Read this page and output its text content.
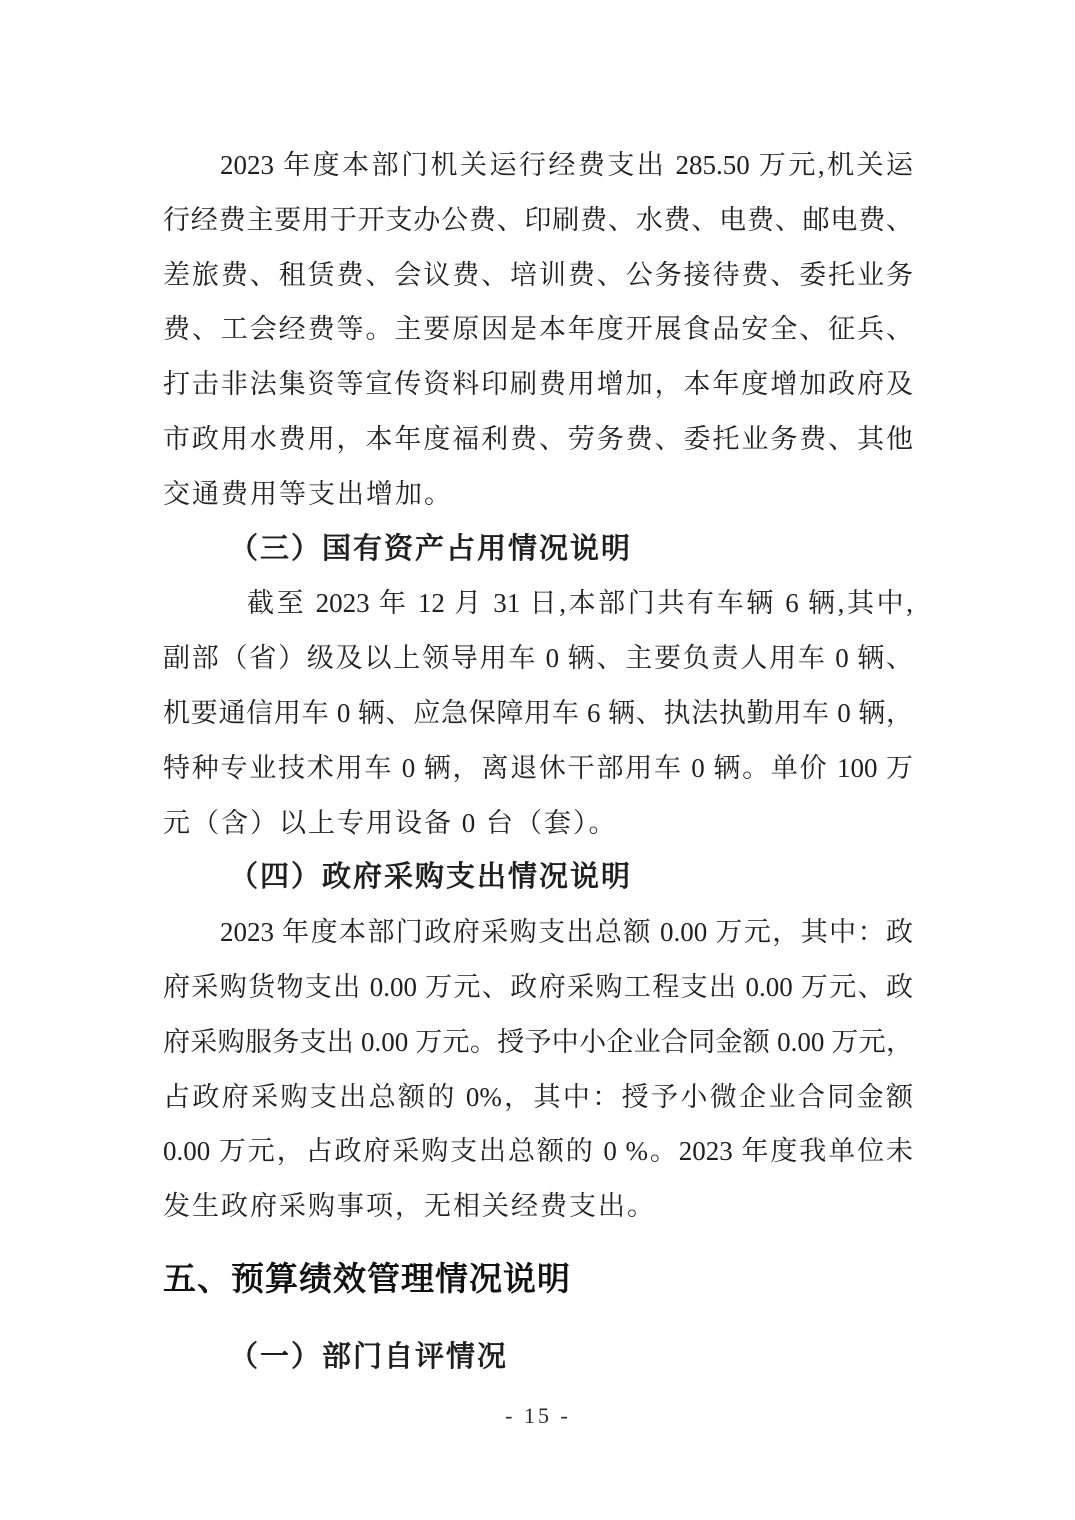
2023 年度本部门机关运行经费支出 285.50 万元,机关运
行经费主要用于开支办公费、印刷费、水费、电费、邮电费、
差旅费、租赁费、会议费、培训费、公务接待费、委托业务
费、工会经费等。主要原因是本年度开展食品安全、征兵、
打击非法集资等宣传资料印刷费用增加，本年度增加政府及
市政用水费用，本年度福利费、劳务费、委托业务费、其他
交通费用等支出增加。
（三）国有资产占用情况说明
截至 2023 年 12 月 31 日,本部门共有车辆 6 辆,其中,
副部（省）级及以上领导用车 0 辆、主要负责人用车 0 辆、
机要通信用车 0 辆、应急保障用车 6 辆、执法执勤用车 0 辆，
特种专业技术用车 0 辆，离退休干部用车 0 辆。单价 100 万
元（含）以上专用设备 0 台（套）。
（四）政府采购支出情况说明
2023 年度本部门政府采购支出总额 0.00 万元，其中：政
府采购货物支出 0.00 万元、政府采购工程支出 0.00 万元、政
府采购服务支出 0.00 万元。授予中小企业合同金额 0.00 万元，
占政府采购支出总额的 0%，其中：授予小微企业合同金额
0.00 万元，占政府采购支出总额的 0 %。2023 年度我单位未
发生政府采购事项，无相关经费支出。
五、预算绩效管理情况说明
（一）部门自评情况
- 15 -
